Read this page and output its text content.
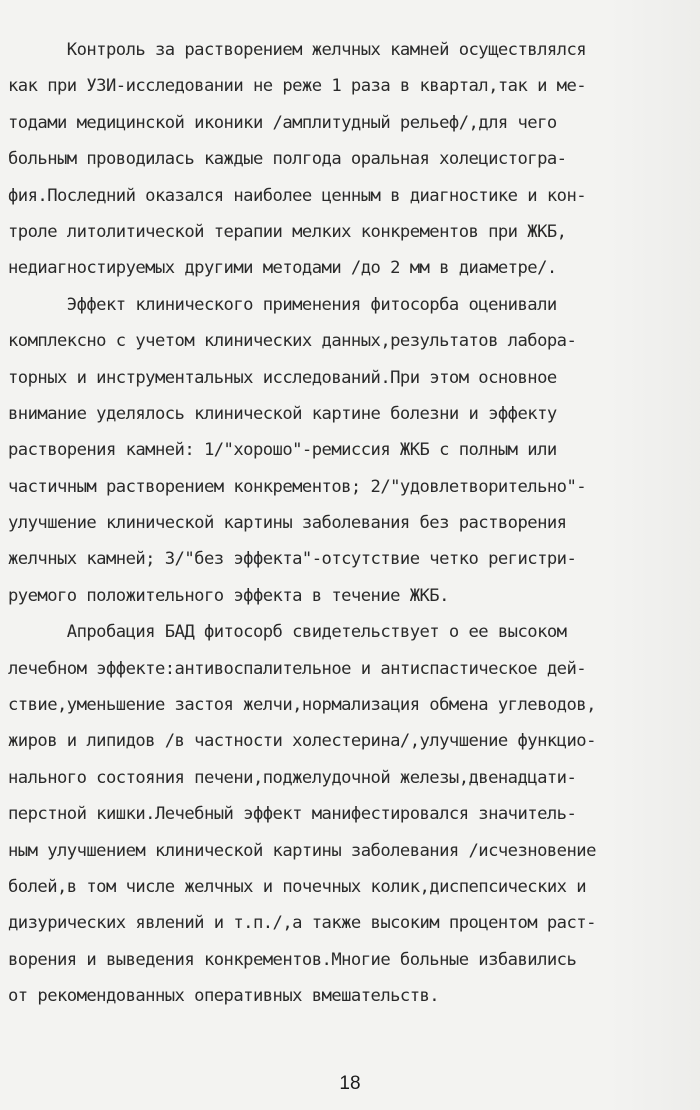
Контроль за растворением желчных камней осуществлялся
как при УЗИ-исследовании не реже 1 раза в квартал,так и ме-
тодами медицинской иконики /амплитудный рельеф/,для чего
больным проводилась каждые полгода оральная холецистогра-
фия.Последний оказался наиболее ценным в диагностике и кон-
троле литолитической терапии мелких конкрементов при ЖКБ,
недиагностируемых другими методами /до 2 мм в диаметре/.
Эффект клинического применения фитосорба оценивали
комплексно с учетом клинических данных,результатов лабора-
торных и инструментальных исследований.При этом основное
внимание уделялось клинической картине болезни и эффекту
растворения камней: 1/"хорошо"-ремиссия ЖКБ с полным или
частичным растворением конкрементов; 2/"удовлетворительно"-
улучшение клинической картины заболевания без растворения
желчных камней; 3/"без эффекта"-отсутствие четко регистри-
руемого положительного эффекта в течение ЖКБ.
Апробация БАД фитосорб свидетельствует о ее высоком
лечебном эффекте:антивоспалительное и антиспастическое дей-
ствие,уменьшение застоя желчи,нормализация обмена углеводов,
жиров и липидов /в частности холестерина/,улучшение функцио-
нального состояния печени,поджелудочной железы,двенадцати-
перстной кишки.Лечебный эффект манифестировался значитель-
ным улучшением клинической картины заболевания /исчезновение
болей,в том числе желчных и почечных колик,диспепсических и
дизурических явлений и т.п./,а также высоким процентом раст-
ворения и выведения конкрементов.Многие больные избавились
от рекомендованных оперативных вмешательств.
18
